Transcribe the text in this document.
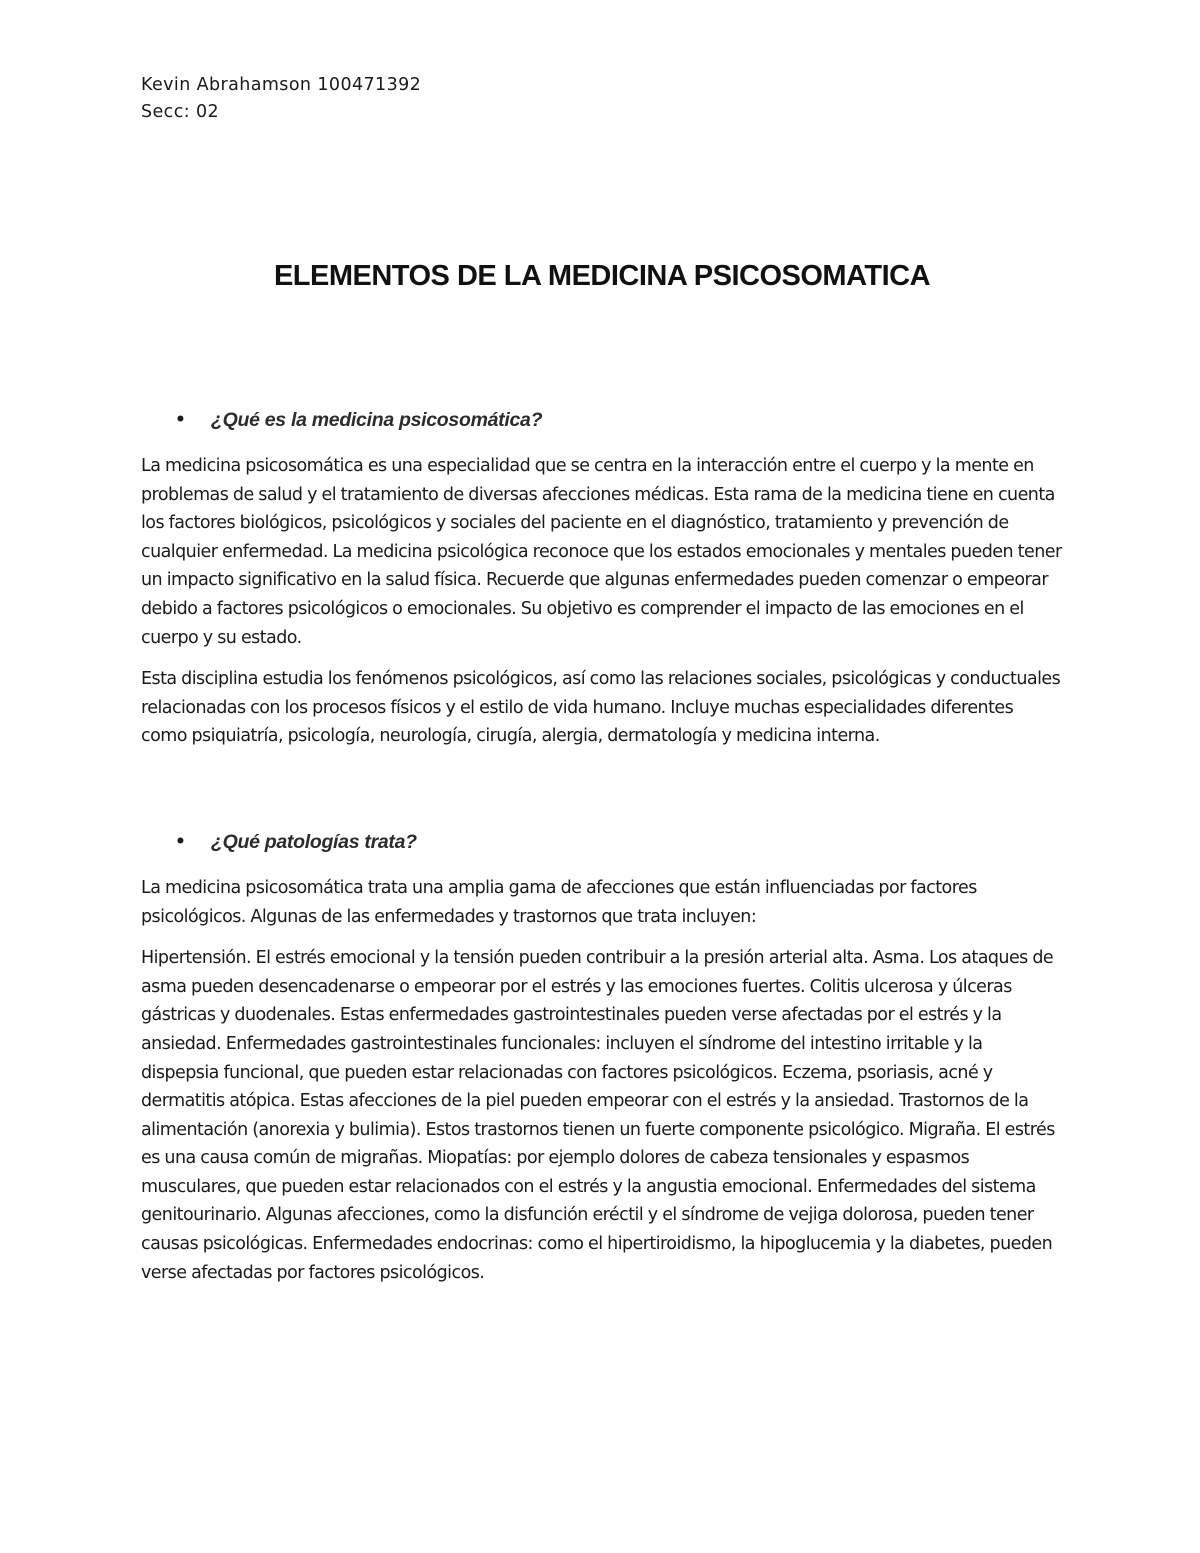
Kevin Abrahamson 100471392

Secc: 02

ELEMENTOS DE LA MEDICINA PSICOSOMATICA
• ¿Qué es la medicina psicosomática?

La medicina psicosomática es una especialidad que se centra en la interacción entre el cuerpo y la mente en problemas de salud y el tratamiento de diversas afecciones médicas. Esta rama de la medicina tiene en cuenta los factores biológicos, psicológicos y sociales del paciente en el diagnóstico, tratamiento y prevención de cualquier enfermedad. La medicina psicológica reconoce que los estados emocionales y mentales pueden tener un impacto significativo en la salud física. Recuerde que algunas enfermedades pueden comenzar o empeorar debido a factores psicológicos o emocionales. Su objetivo es comprender el impacto de las emociones en el cuerpo y su estado.

Esta disciplina estudia los fenómenos psicológicos, así como las relaciones sociales, psicológicas y conductuales relacionadas con los procesos físicos y el estilo de vida humano. Incluye muchas especialidades diferentes como psiquiatría, psicología, neurología, cirugía, alergia, dermatología y medicina interna.

• ¿Qué patologías trata?

La medicina psicosomática trata una amplia gama de afecciones que están influenciadas por factores psicológicos. Algunas de las enfermedades y trastornos que trata incluyen:

Hipertensión. El estrés emocional y la tensión pueden contribuir a la presión arterial alta. Asma. Los ataques de asma pueden desencadenarse o empeorar por el estrés y las emociones fuertes. Colitis ulcerosa y úlceras gástricas y duodenales. Estas enfermedades gastrointestinales pueden verse afectadas por el estrés y la ansiedad. Enfermedades gastrointestinales funcionales: incluyen el síndrome del intestino irritable y la dispepsia funcional, que pueden estar relacionadas con factores psicológicos. Eczema, psoriasis, acné y dermatitis atópica. Estas afecciones de la piel pueden empeorar con el estrés y la ansiedad. Trastornos de la alimentación (anorexia y bulimia). Estos trastornos tienen un fuerte componente psicológico. Migraña. El estrés es una causa común de migrañas. Miopatías: por ejemplo dolores de cabeza tensionales y espasmos musculares, que pueden estar relacionados con el estrés y la angustia emocional. Enfermedades del sistema genitourinario. Algunas afecciones, como la disfunción eréctil y el síndrome de vejiga dolorosa, pueden tener causas psicológicas. Enfermedades endocrinas: como el hipertiroidismo, la hipoglucemia y la diabetes, pueden verse afectadas por factores psicológicos.
